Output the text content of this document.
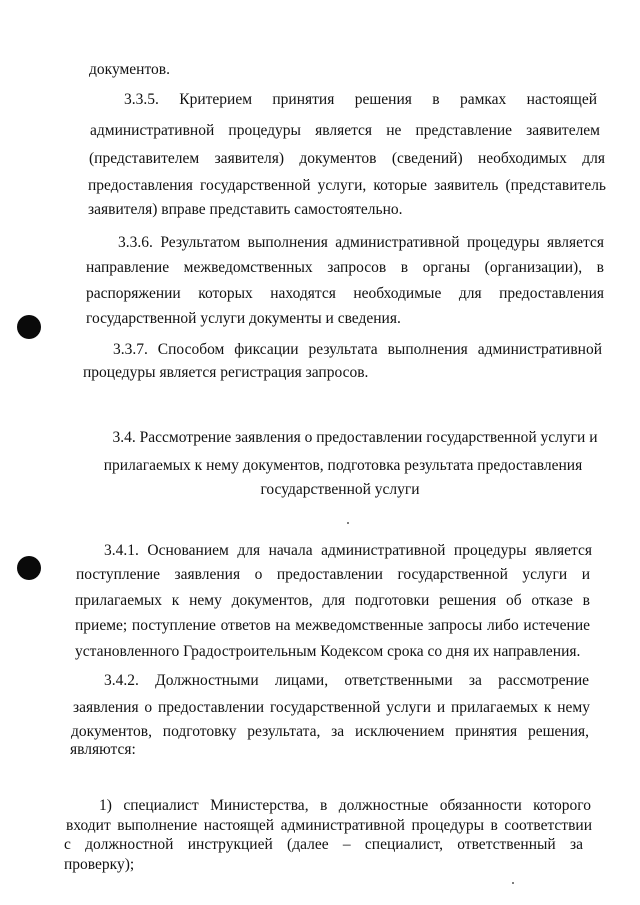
документов.
3.3.5. Критерием принятия решения в рамках настоящей
административной процедуры является не представление заявителем
(представителем заявителя) документов (сведений) необходимых для
предоставления государственной услуги, которые заявитель (представитель
заявителя) вправе представить самостоятельно.
3.3.6. Результатом выполнения административной процедуры является
направление межведомственных запросов в органы (организации), в
распоряжении которых находятся необходимые для предоставления
государственной услуги документы и сведения.
3.3.7. Способом фиксации результата выполнения административной
процедуры является регистрация запросов.
3.4. Рассмотрение заявления о предоставлении государственной услуги и
прилагаемых к нему документов, подготовка результата предоставления
государственной услуги
3.4.1. Основанием для начала административной процедуры является
поступление заявления о предоставлении государственной услуги и
прилагаемых к нему документов, для подготовки решения об отказе в
приеме; поступление ответов на межведомственные запросы либо истечение
установленного Градостроительным Кодексом срока со дня их направления.
3.4.2. Должностными лицами, ответственными за рассмотрение
заявления о предоставлении государственной услуги и прилагаемых к нему
документов, подготовку результата, за исключением принятия решения,
являются:
1) специалист Министерства, в должностные обязанности которого
входит выполнение настоящей административной процедуры в соответствии
с должностной инструкцией (далее – специалист, ответственный за
проверку);
